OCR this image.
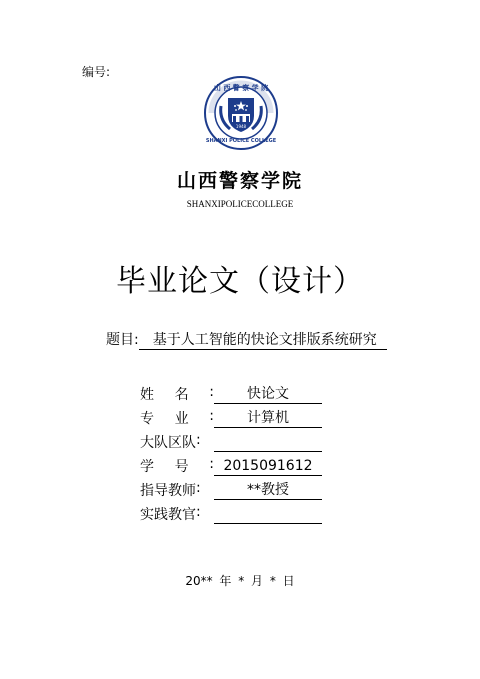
编号:
山 西 警 察 学 院
SHANXI POLICE COLLEGE
1948
山西警察学院
SHANXIPOLICECOLLEGE
毕业论文（设计）
题目: 基于人工智能的快论文排版系统研究
姓 名 :	快论文
专 业 :	计算机
大队区队 :
学 号 : 2015091612
指导教师 :	**教授
实践教官 :
20** 年 * 月 * 日
